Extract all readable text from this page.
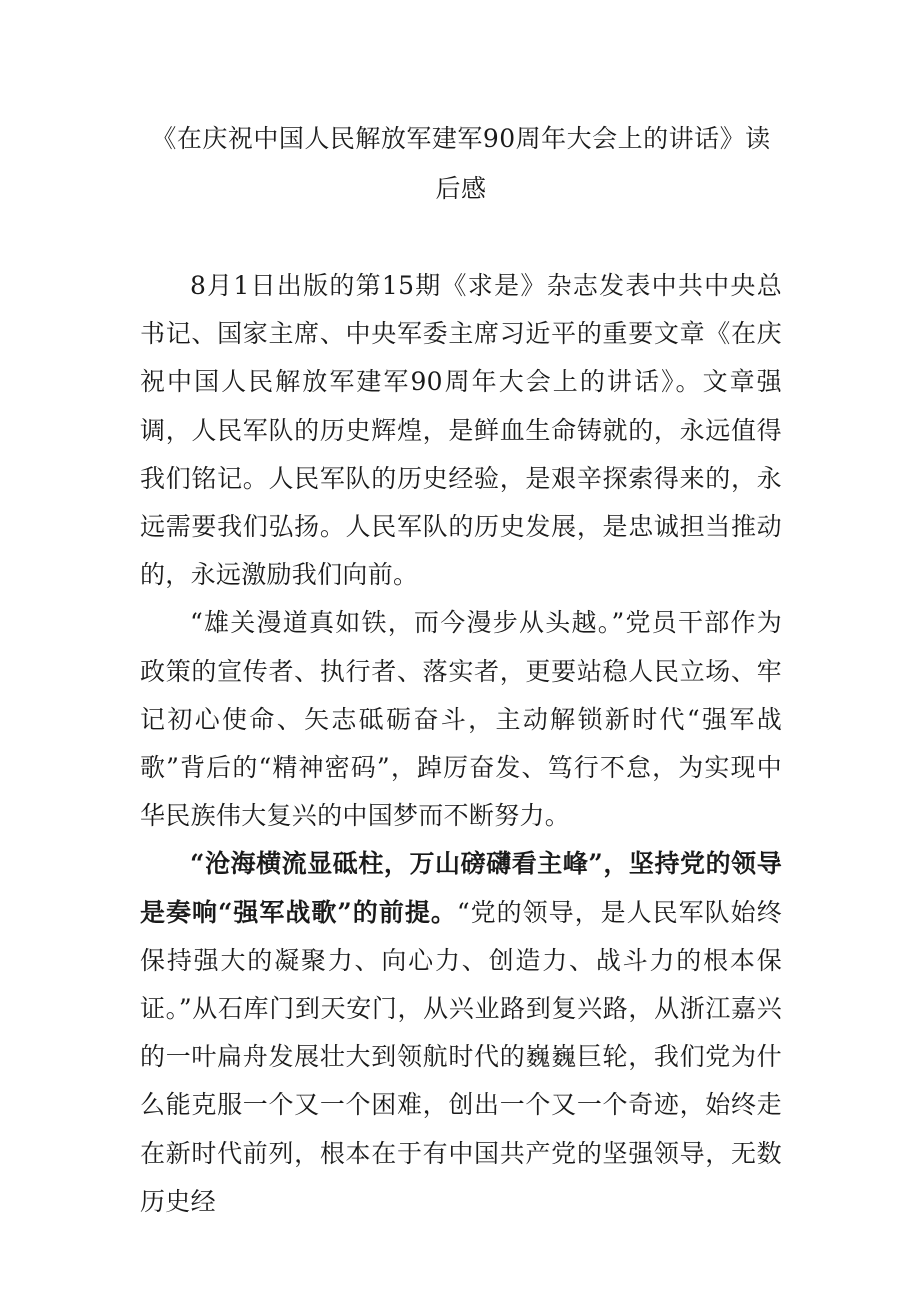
《在庆祝中国人民解放军建军90周年大会上的讲话》读后感

8月1日出版的第15期《求是》杂志发表中共中央总书记、国家主席、中央军委主席习近平的重要文章《在庆祝中国人民解放军建军90周年大会上的讲话》。文章强调，人民军队的历史辉煌，是鲜血生命铸就的，永远值得我们铭记。人民军队的历史经验，是艰辛探索得来的，永远需要我们弘扬。人民军队的历史发展，是忠诚担当推动的，永远激励我们向前。

“雄关漫道真如铁，而今漫步从头越。”党员干部作为政策的宣传者、执行者、落实者，更要站稳人民立场、牢记初心使命、矢志砥砺奋斗，主动解锁新时代“强军战歌”背后的“精神密码”，踔厉奋发、笃行不怠，为实现中华民族伟大复兴的中国梦而不断努力。

“沧海横流显砥柱，万山磅礴看主峰”，坚持党的领导是奏响“强军战歌”的前提。“党的领导，是人民军队始终保持强大的凝聚力、向心力、创造力、战斗力的根本保证。”从石库门到天安门，从兴业路到复兴路，从浙江嘉兴的一叶扁舟发展壮大到领航时代的巍巍巨轮，我们党为什么能克服一个又一个困难，创出一个又一个奇迹，始终走在新时代前列，根本在于有中国共产党的坚强领导，无数历史经
